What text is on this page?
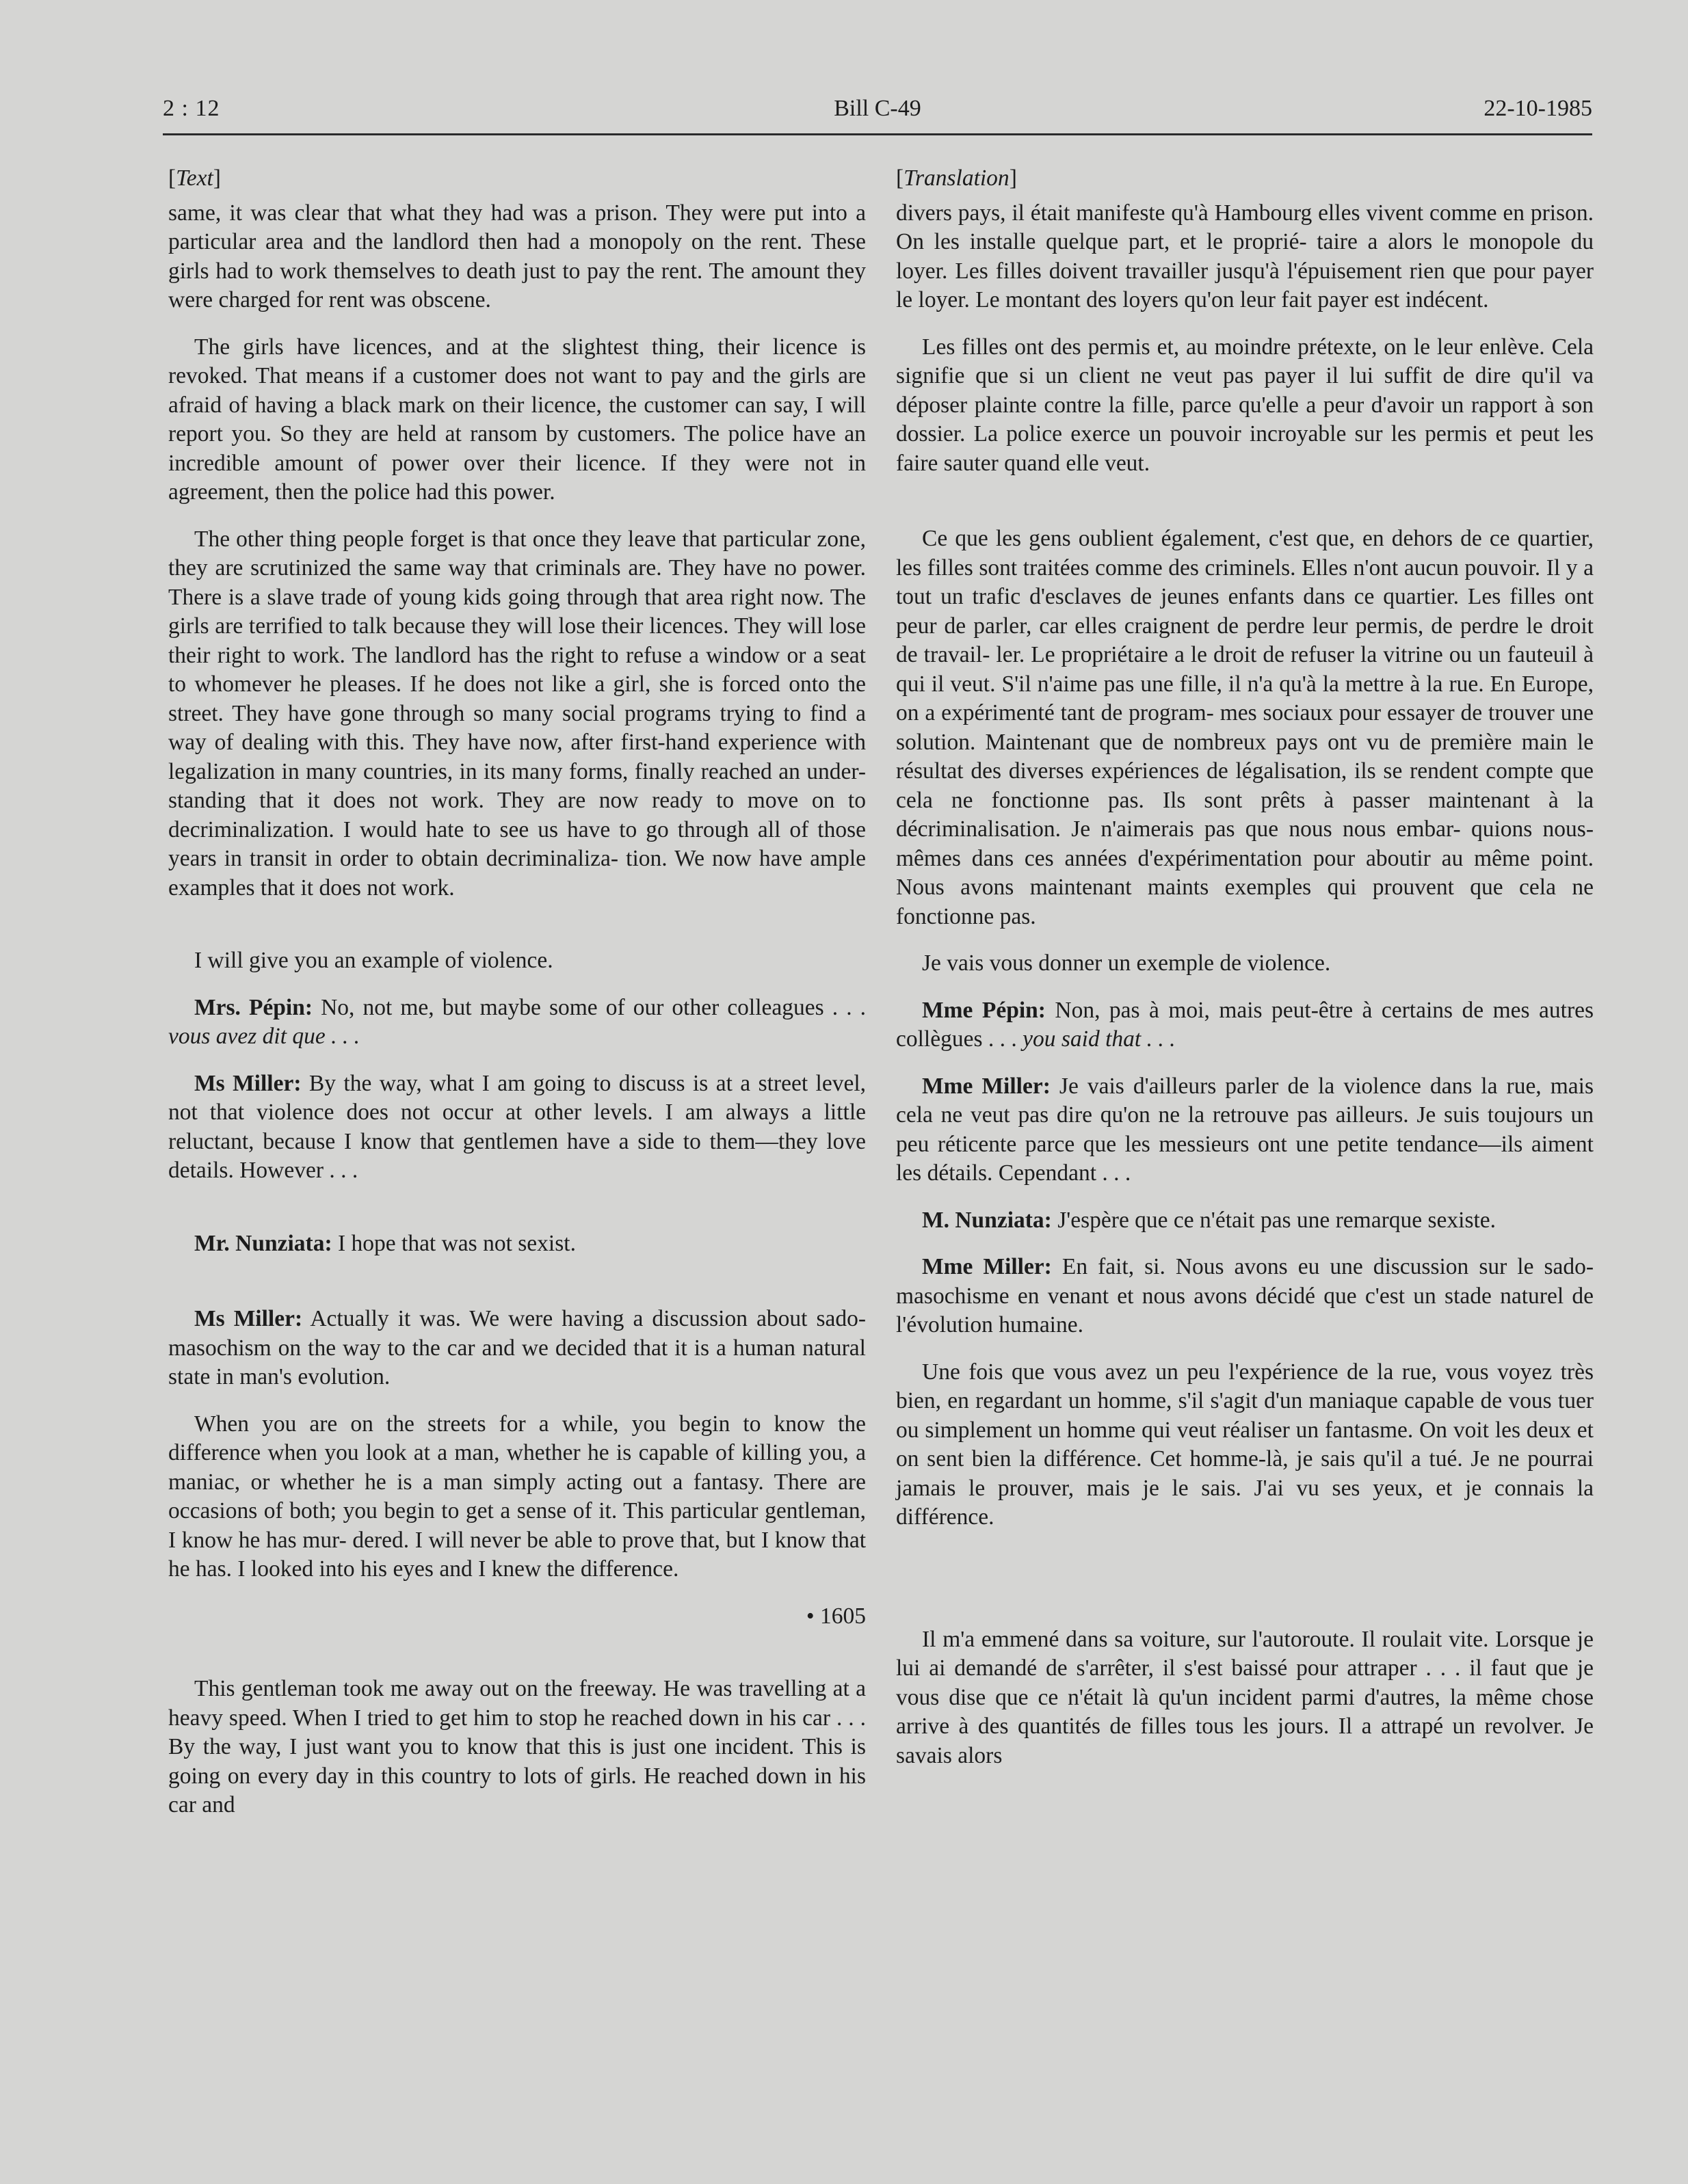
2 : 12	Bill C-49	22-10-1985

[Text]

same, it was clear that what they had was a prison. They were put into a particular area and the landlord then had a monopoly on the rent. These girls had to work themselves to death just to pay the rent. The amount they were charged for rent was obscene.

The girls have licences, and at the slightest thing, their licence is revoked. That means if a customer does not want to pay and the girls are afraid of having a black mark on their licence, the customer can say, I will report you. So they are held at ransom by customers. The police have an incredible amount of power over their licence. If they were not in agreement, then the police had this power.

The other thing people forget is that once they leave that particular zone, they are scrutinized the same way that criminals are. They have no power. There is a slave trade of young kids going through that area right now. The girls are terrified to talk because they will lose their licences. They will lose their right to work. The landlord has the right to refuse a window or a seat to whomever he pleases. If he does not like a girl, she is forced onto the street. They have gone through so many social programs trying to find a way of dealing with this. They have now, after first-hand experience with legalization in many countries, in its many forms, finally reached an under- standing that it does not work. They are now ready to move on to decriminalization. I would hate to see us have to go through all of those years in transit in order to obtain decriminaliza- tion. We now have ample examples that it does not work.

I will give you an example of violence.

Mrs. Pépin: No, not me, but maybe some of our other colleagues . . . vous avez dit que . . .

Ms Miller: By the way, what I am going to discuss is at a street level, not that violence does not occur at other levels. I am always a little reluctant, because I know that gentlemen have a side to them—they love details. However . . .

Mr. Nunziata: I hope that was not sexist.

Ms Miller: Actually it was. We were having a discussion about sado-masochism on the way to the car and we decided that it is a human natural state in man's evolution.

When you are on the streets for a while, you begin to know the difference when you look at a man, whether he is capable of killing you, a maniac, or whether he is a man simply acting out a fantasy. There are occasions of both; you begin to get a sense of it. This particular gentleman, I know he has mur- dered. I will never be able to prove that, but I know that he has. I looked into his eyes and I knew the difference.

• 1605

This gentleman took me away out on the freeway. He was travelling at a heavy speed. When I tried to get him to stop he reached down in his car . . . By the way, I just want you to know that this is just one incident. This is going on every day in this country to lots of girls. He reached down in his car and

[Translation]

divers pays, il était manifeste qu'à Hambourg elles vivent comme en prison. On les installe quelque part, et le proprié- taire a alors le monopole du loyer. Les filles doivent travailler jusqu'à l'épuisement rien que pour payer le loyer. Le montant des loyers qu'on leur fait payer est indécent.

Les filles ont des permis et, au moindre prétexte, on le leur enlève. Cela signifie que si un client ne veut pas payer il lui suffit de dire qu'il va déposer plainte contre la fille, parce qu'elle a peur d'avoir un rapport à son dossier. La police exerce un pouvoir incroyable sur les permis et peut les faire sauter quand elle veut.

Ce que les gens oublient également, c'est que, en dehors de ce quartier, les filles sont traitées comme des criminels. Elles n'ont aucun pouvoir. Il y a tout un trafic d'esclaves de jeunes enfants dans ce quartier. Les filles ont peur de parler, car elles craignent de perdre leur permis, de perdre le droit de travail- ler. Le propriétaire a le droit de refuser la vitrine ou un fauteuil à qui il veut. S'il n'aime pas une fille, il n'a qu'à la mettre à la rue. En Europe, on a expérimenté tant de program- mes sociaux pour essayer de trouver une solution. Maintenant que de nombreux pays ont vu de première main le résultat des diverses expériences de légalisation, ils se rendent compte que cela ne fonctionne pas. Ils sont prêts à passer maintenant à la décriminalisation. Je n'aimerais pas que nous nous embar- quions nous-mêmes dans ces années d'expérimentation pour aboutir au même point. Nous avons maintenant maints exemples qui prouvent que cela ne fonctionne pas.

Je vais vous donner un exemple de violence.

Mme Pépin: Non, pas à moi, mais peut-être à certains de mes autres collègues . . . you said that . . .

Mme Miller: Je vais d'ailleurs parler de la violence dans la rue, mais cela ne veut pas dire qu'on ne la retrouve pas ailleurs. Je suis toujours un peu réticente parce que les messieurs ont une petite tendance—ils aiment les détails. Cependant . . .

M. Nunziata: J'espère que ce n'était pas une remarque sexiste.

Mme Miller: En fait, si. Nous avons eu une discussion sur le sado-masochisme en venant et nous avons décidé que c'est un stade naturel de l'évolution humaine.

Une fois que vous avez un peu l'expérience de la rue, vous voyez très bien, en regardant un homme, s'il s'agit d'un maniaque capable de vous tuer ou simplement un homme qui veut réaliser un fantasme. On voit les deux et on sent bien la différence. Cet homme-là, je sais qu'il a tué. Je ne pourrai jamais le prouver, mais je le sais. J'ai vu ses yeux, et je connais la différence.

Il m'a emmené dans sa voiture, sur l'autoroute. Il roulait vite. Lorsque je lui ai demandé de s'arrêter, il s'est baissé pour attraper . . . il faut que je vous dise que ce n'était là qu'un incident parmi d'autres, la même chose arrive à des quantités de filles tous les jours. Il a attrapé un revolver. Je savais alors
